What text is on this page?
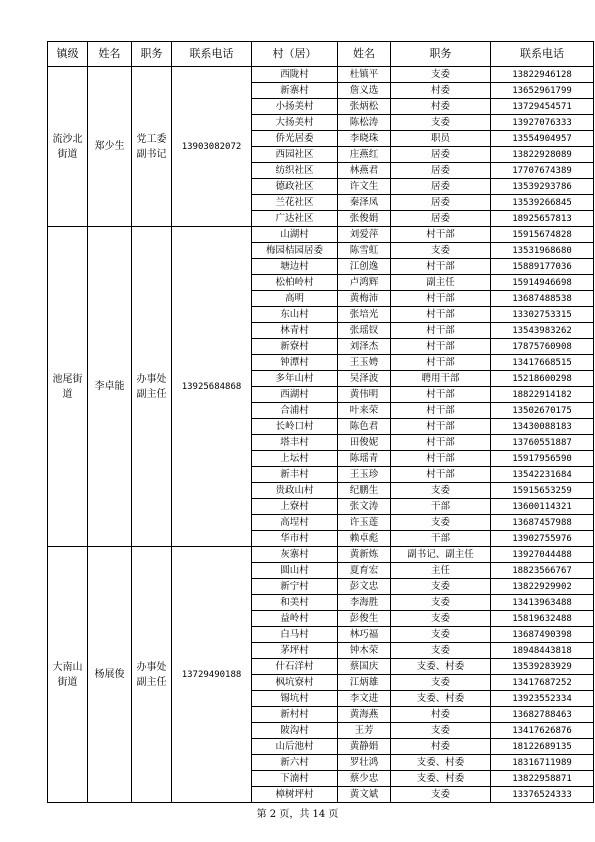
镇级	姓名	职务	联系电话	村（居）	姓名	职务	联系电话
流沙北街道	郑少生	党工委副书记	13903082072	西陇村	杜镇平	支委	13822946128
				新寨村	詹义选	村委	13652961799
				小扬美村	张炳松	村委	13729454571
				大扬美村	陈松涛	支委	13927076333
				侨光居委	李晓珠	职员	13554904957
				西园社区	庄燕红	居委	13822928089
				纺织社区	林燕君	居委	17707674389
				德政社区	许文生	居委	13539293786
				兰花社区	秦泽凤	居委	13539266845
				广达社区	张俊娟	居委	18925657813
池尾街道	李卓能	办事处副主任	13925684868	山湖村	刘爱萍	村干部	15915674828
				梅园桔园居委	陈雪虹	支委	13531968680
				塘边村	江创逸	村干部	15889177036
				松柏岭村	卢鸿辉	副主任	15914946698
				高明	黄梅沛	村干部	13687488538
				东山村	张培光	村干部	13302753315
				林青村	张瑶钗	村干部	13543983262
				新寮村	刘泽杰	村干部	17875760908
				钟潭村	王玉娉	村干部	13417668515
				多年山村	吴泽波	聘用干部	15218600298
				西湖村	黄伟明	村干部	18822914182
				合浦村	叶来荣	村干部	13502670175
				长岭口村	陈色君	村干部	13430088183
				塔丰村	田俊妮	村干部	13760551887
				上坛村	陈瑶青	村干部	15917956590
				新丰村	王玉珍	村干部	13542231684
				贵政山村	纪鹏生	支委	15915653259
				上寮村	张文涛	干部	13600114321
				高埕村	许玉莲	支委	13687457988
				华市村	赖卓彪	干部	13902755976
大南山街道	杨展俊	办事处副主任	13729490188	灰寨村	黄新炼	副书记、副主任	13927044488
				圆山村	夏育宏	主任	18823566767
				新宁村	彭文忠	支委	13822929902
				和美村	李海胜	支委	13413963488
				益岭村	彭俊生	支委	15819632488
				白马村	林巧福	支委	13687490398
				茅坪村	钟木荣	支委	18948443818
				什石洋村	蔡国庆	支委、村委	13539283929
				枫坑寮村	江炳雄	支委	13417687252
				锡坑村	李文进	支委、村委	13923552334
				新村村	黄海燕	村委	13682788463
				陂沟村	王芳	支委	13417626876
				山后池村	黄静娟	村委	18122689135
				新六村	罗壮鸿	支委、村委	18316711989
				下湳村	蔡少忠	支委、村委	13822958871
				樟树坪村	黄文斌	支委	13376524333
第 2 页，共 14 页
